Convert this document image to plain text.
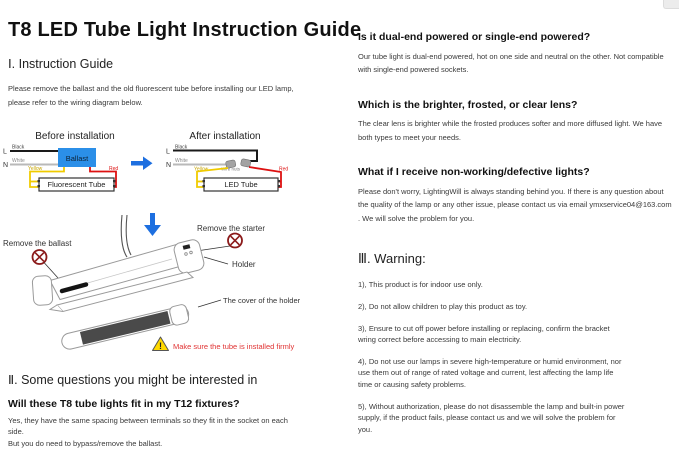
T8 LED Tube Light Instruction Guide
Ⅰ. Instruction Guide

Please remove the ballast and the old fluorescent tube before installing our LED lamp, please refer to the wiring diagram below.

Before installation
L
Black
N
White	Ballast
Yellow	Red
Fluorescent Tube
After installation
L
Black
N
White
Yellow	Wire nuts	Red
LED Tube
Remove the starter
Remove the ballast
Holder
The cover of the holder
! Make sure the tube is installed firmly
Ⅱ. Some questions you might be interested in
Will these T8 tube lights fit in my T12 fixtures?

Yes, they have the same spacing between terminals so they fit in the socket on each side.

But you do need to bypass/remove the ballast.

Is it dual-end powered or single-end powered?

Our tube light is dual-end powered, hot on one side and neutral on the other. Not compatible with single-end powered sockets.

Which is the brighter, frosted, or clear lens?

The clear lens is brighter while the frosted produces softer and more diffused light. We have both types to meet your needs.

What if I receive non-working/defective lights?

Please don't worry, LightingWill is always standing behind you. If there is any question about the quality of the lamp or any other issue, please contact us via email ymxservice04@163.com . We will solve the problem for you.

Ⅲ. Warning:

1), This product is for indoor use only.

2), Do not allow children to play this product as toy.

3), Ensure to cut off power before installing or replacing, confirm the bracket wring correct before accessing to main electricity.

4), Do not use our lamps in severe high-temperature or humid environment, nor use them out of range of rated voltage and current, lest affecting the lamp life time or causing safety problems.

5), Without authorization, please do not disassemble the lamp and built-in power supply, if the product fails, please contact us and we will solve the problem for you.
